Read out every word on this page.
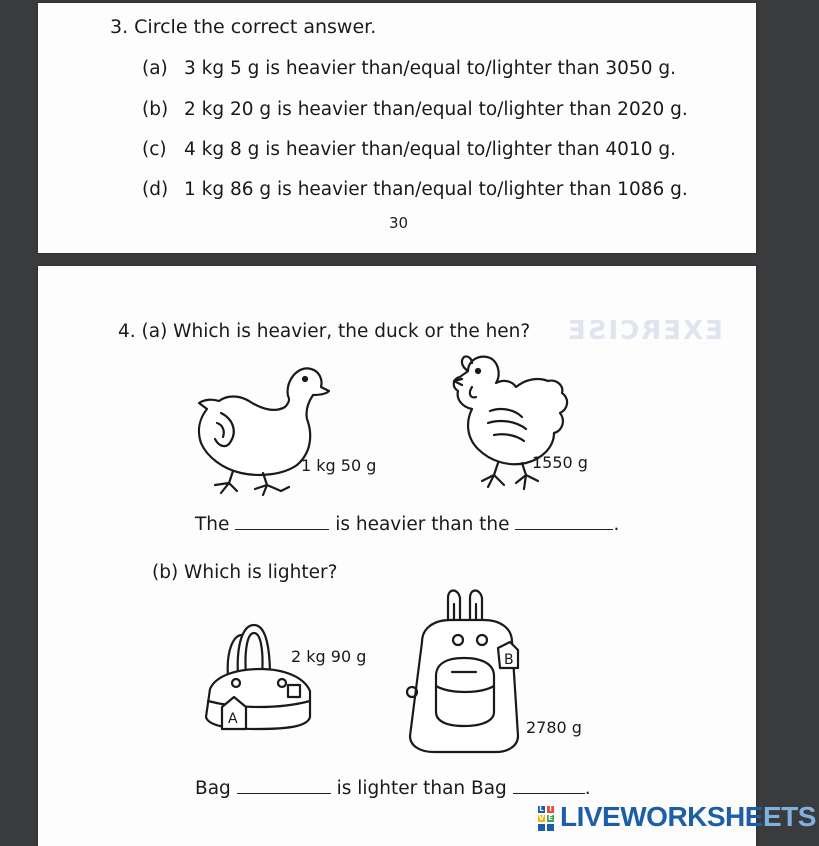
3. Circle the correct answer.
(a) 3 kg 5 g is heavier than/equal to/lighter than 3050 g.
(b) 2 kg 20 g is heavier than/equal to/lighter than 2020 g.
(c) 4 kg 8 g is heavier than/equal to/lighter than 4010 g.
(d) 1 kg 86 g is heavier than/equal to/lighter than 1086 g.
30
EXERCISE
4. (a) Which is heavier, the duck or the hen?
1 kg 50 g	1550 g
The	is heavier than the	.
(b) Which is lighter?
A
2 kg 90 g	B
2780 g
Bag	is lighter than Bag	.
L I
V E LIVEWORKSHEETS
